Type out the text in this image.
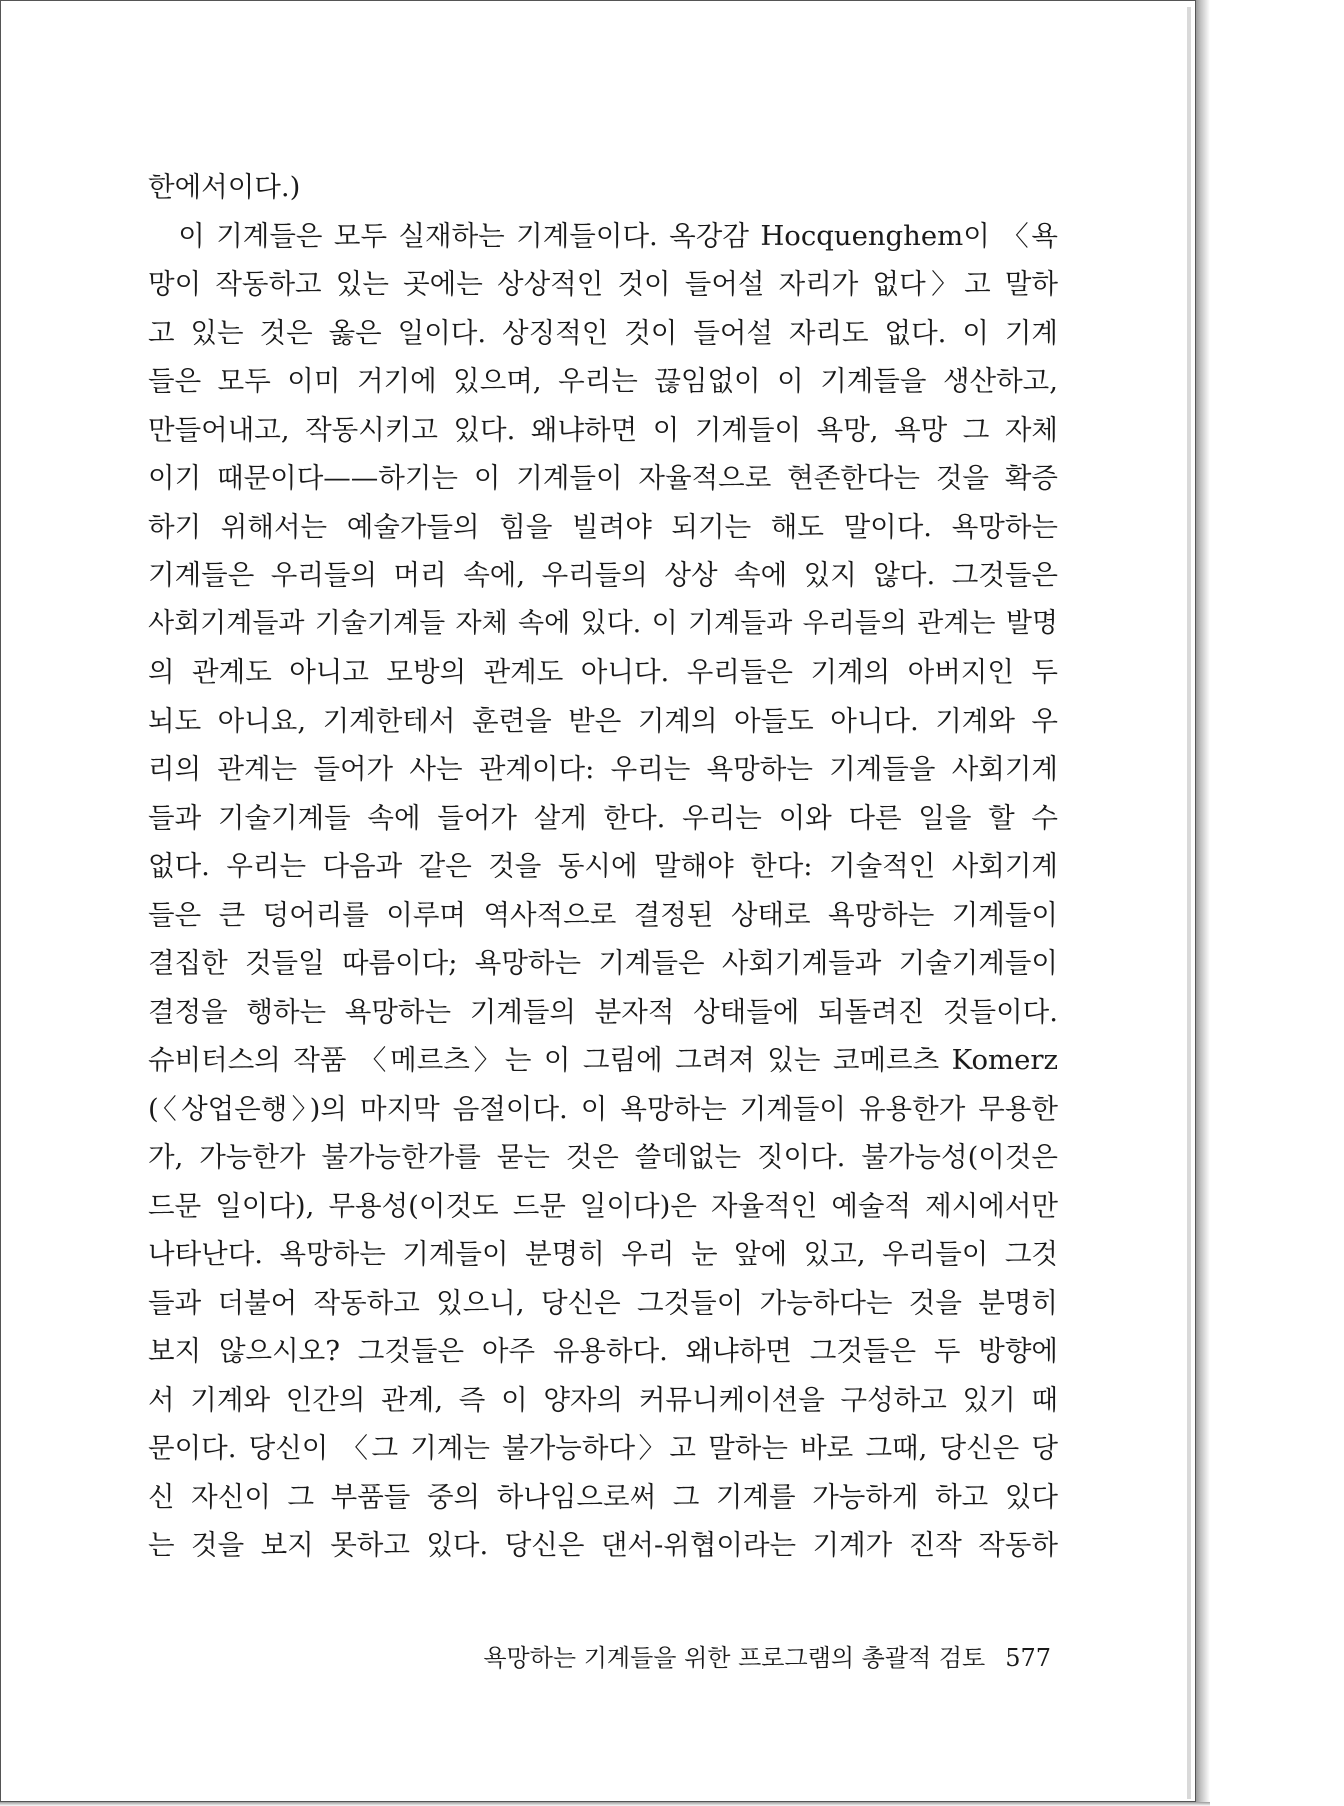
한에서이다.)
　이 기계들은 모두 실재하는 기계들이다. 옥강감 Hocquenghem이 〈욕
망이 작동하고 있는 곳에는 상상적인 것이 들어설 자리가 없다〉고 말하
고 있는 것은 옳은 일이다. 상징적인 것이 들어설 자리도 없다. 이 기계
들은 모두 이미 거기에 있으며, 우리는 끊임없이 이 기계들을 생산하고,
만들어내고, 작동시키고 있다. 왜냐하면 이 기계들이 욕망, 욕망 그 자체
이기 때문이다——하기는 이 기계들이 자율적으로 현존한다는 것을 확증
하기 위해서는 예술가들의 힘을 빌려야 되기는 해도 말이다. 욕망하는
기계들은 우리들의 머리 속에, 우리들의 상상 속에 있지 않다. 그것들은
사회기계들과 기술기계들 자체 속에 있다. 이 기계들과 우리들의 관계는 발명
의 관계도 아니고 모방의 관계도 아니다. 우리들은 기계의 아버지인 두
뇌도 아니요, 기계한테서 훈련을 받은 기계의 아들도 아니다. 기계와 우
리의 관계는 들어가 사는 관계이다: 우리는 욕망하는 기계들을 사회기계
들과 기술기계들 속에 들어가 살게 한다. 우리는 이와 다른 일을 할 수
없다. 우리는 다음과 같은 것을 동시에 말해야 한다: 기술적인 사회기계
들은 큰 덩어리를 이루며 역사적으로 결정된 상태로 욕망하는 기계들이
결집한 것들일 따름이다; 욕망하는 기계들은 사회기계들과 기술기계들이
결정을 행하는 욕망하는 기계들의 분자적 상태들에 되돌려진 것들이다.
슈비터스의 작품 〈메르츠〉는 이 그림에 그려져 있는 코메르츠 Komerz
(〈상업은행〉)의 마지막 음절이다. 이 욕망하는 기계들이 유용한가 무용한
가, 가능한가 불가능한가를 묻는 것은 쓸데없는 짓이다. 불가능성(이것은
드문 일이다), 무용성(이것도 드문 일이다)은 자율적인 예술적 제시에서만
나타난다. 욕망하는 기계들이 분명히 우리 눈 앞에 있고, 우리들이 그것
들과 더불어 작동하고 있으니, 당신은 그것들이 가능하다는 것을 분명히
보지 않으시오? 그것들은 아주 유용하다. 왜냐하면 그것들은 두 방향에
서 기계와 인간의 관계, 즉 이 양자의 커뮤니케이션을 구성하고 있기 때
문이다. 당신이 〈그 기계는 불가능하다〉고 말하는 바로 그때, 당신은 당
신 자신이 그 부품들 중의 하나임으로써 그 기계를 가능하게 하고 있다
는 것을 보지 못하고 있다. 당신은 댄서-위협이라는 기계가 진작 작동하
욕망하는 기계들을 위한 프로그램의 총괄적 검토 577
